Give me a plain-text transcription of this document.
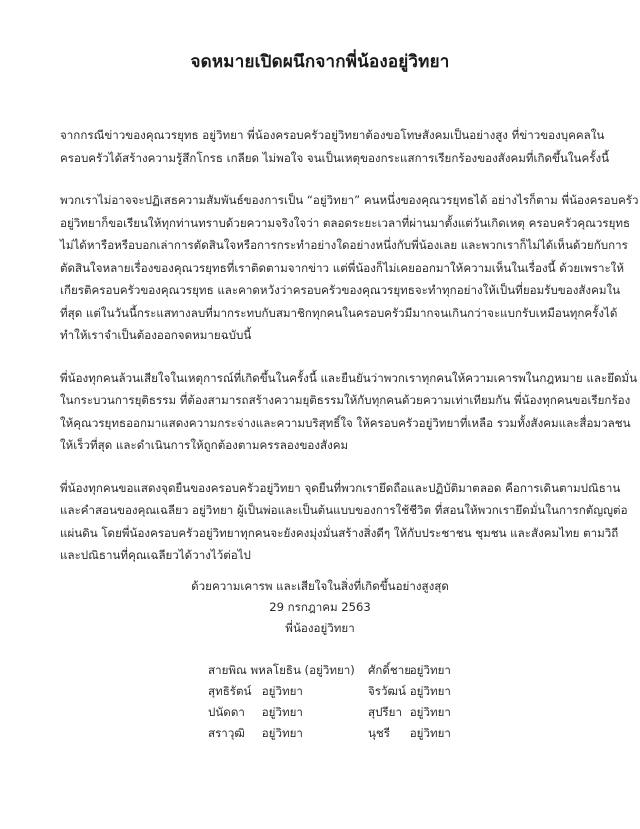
จดหมายเปิดผนึกจากพี่น้องอยู่วิทยา

จากกรณีข่าวของคุณวรยุทธ อยู่วิทยา พี่น้องครอบครัวอยู่วิทยาต้องขอโทษสังคมเป็นอย่างสูง ที่ข่าวของบุคคลใน
ครอบครัวได้สร้างความรู้สึกโกรธ เกลียด ไม่พอใจ จนเป็นเหตุของกระแสการเรียกร้องของสังคมที่เกิดขึ้นในครั้งนี้

พวกเราไม่อาจจะปฏิเสธความสัมพันธ์ของการเป็น “อยู่วิทยา” คนหนึ่งของคุณวรยุทธได้ อย่างไรก็ตาม พี่น้องครอบครัว
อยู่วิทยาก็ขอเรียนให้ทุกท่านทราบด้วยความจริงใจว่า ตลอดระยะเวลาที่ผ่านมาตั้งแต่วันเกิดเหตุ ครอบครัวคุณวรยุทธ
ไม่ได้หารือหรือบอกเล่าการตัดสินใจหรือการกระทำอย่างใดอย่างหนึ่งกับพี่น้องเลย และพวกเราก็ไม่ได้เห็นด้วยกับการ
ตัดสินใจหลายเรื่องของคุณวรยุทธที่เราติดตามจากข่าว แต่พี่น้องก็ไม่เคยออกมาให้ความเห็นในเรื่องนี้ ด้วยเพราะให้
เกียรติครอบครัวของคุณวรยุทธ และคาดหวังว่าครอบครัวของคุณวรยุทธจะทำทุกอย่างให้เป็นที่ยอมรับของสังคมใน
ที่สุด แต่ในวันนี้กระแสทางลบที่มากระทบกับสมาชิกทุกคนในครอบครัวมีมากจนเกินกว่าจะแบกรับเหมือนทุกครั้งได้
ทำให้เราจำเป็นต้องออกจดหมายฉบับนี้

พี่น้องทุกคนล้วนเสียใจในเหตุการณ์ที่เกิดขึ้นในครั้งนี้ และยืนยันว่าพวกเราทุกคนให้ความเคารพในกฎหมาย และยึดมั่น
ในกระบวนการยุติธรรม ที่ต้องสามารถสร้างความยุติธรรมให้กับทุกคนด้วยความเท่าเทียมกัน พี่น้องทุกคนขอเรียกร้อง
ให้คุณวรยุทธออกมาแสดงความกระจ่างและความบริสุทธิ์ใจ ให้ครอบครัวอยู่วิทยาที่เหลือ รวมทั้งสังคมและสื่อมวลชน
ให้เร็วที่สุด และดำเนินการให้ถูกต้องตามครรลองของสังคม

พี่น้องทุกคนขอแสดงจุดยืนของครอบครัวอยู่วิทยา จุดยืนที่พวกเรายึดถือและปฏิบัติมาตลอด คือการเดินตามปณิธาน
และคำสอนของคุณเฉลียว อยู่วิทยา ผู้เป็นพ่อและเป็นต้นแบบของการใช้ชีวิต ที่สอนให้พวกเรายึดมั่นในการกตัญญูต่อ
แผ่นดิน โดยพี่น้องครอบครัวอยู่วิทยาทุกคนจะยังคงมุ่งมั่นสร้างสิ่งดีๆ ให้กับประชาชน ชุมชน และสังคมไทย ตามวิถี
และปณิธานที่คุณเฉลียวได้วางไว้ต่อไป

ด้วยความเคารพ และเสียใจในสิ่งที่เกิดขึ้นอย่างสูงสุด
29 กรกฎาคม 2563
พี่น้องอยู่วิทยา
สายพิณ พหลโยธิน (อยู่วิทยา)	ศักดิ์ชาย อยู่วิทยา
สุทธิรัตน์ อยู่วิทยา	จิรวัฒน์ อยู่วิทยา
ปนัดดา อยู่วิทยา	สุปรียา อยู่วิทยา
สราวุฒิ อยู่วิทยา	นุชรี อยู่วิทยา
